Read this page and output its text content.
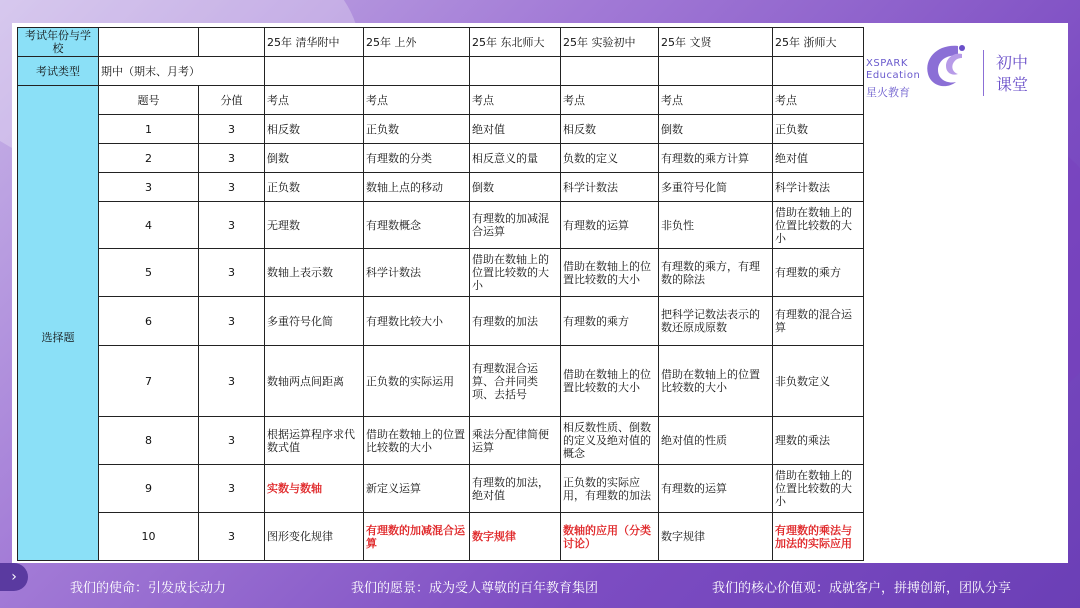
考试年份与学校			25年 清华附中	25年 上外	25年 东北师大	25年 实验初中	25年 文贤	25年 浙师大
考试类型	期中（期末、月考）							
	题号	分值	考点	考点	考点	考点	考点	考点
选择题	1	3	相反数	正负数	绝对值	相反数	倒数	正负数
	2	3	倒数	有理数的分类	相反意义的量	负数的定义	有理数的乘方计算	绝对值
	3	3	正负数	数轴上点的移动	倒数	科学计数法	多重符号化简	科学计数法
	4	3	无理数	有理数概念	有理数的加减混合运算	有理数的运算	非负性	借助在数轴上的位置比较数的大小
	5	3	数轴上表示数	科学计数法	借助在数轴上的位置比较数的大小	借助在数轴上的位置比较数的大小	有理数的乘方，有理数的除法	有理数的乘方
	6	3	多重符号化简	有理数比较大小	有理数的加法	有理数的乘方	把科学记数法表示的数还原成原数	有理数的混合运算
	7	3	数轴两点间距离	正负数的实际运用	有理数混合运算、合并同类项、去括号	借助在数轴上的位置比较数的大小	借助在数轴上的位置比较数的大小	非负数定义
	8	3	根据运算程序求代数式值	借助在数轴上的位置比较数的大小	乘法分配律简便运算	相反数性质、倒数的定义及绝对值的概念	绝对值的性质	理数的乘法
	9	3	实数与数轴	新定义运算	有理数的加法，绝对值	正负数的实际应用，有理数的加法	有理数的运算	借助在数轴上的位置比较数的大小
	10	3	图形变化规律	有理数的加减混合运算	数字规律	数轴的应用（分类讨论）	数字规律	有理数的乘法与加法的实际应用
XSPARK
Education
星火教育
初中
课堂
›
我们的使命：引发成长动力	我们的愿景：成为受人尊敬的百年教育集团	我们的核心价值观：成就客户，拼搏创新，团队分享
